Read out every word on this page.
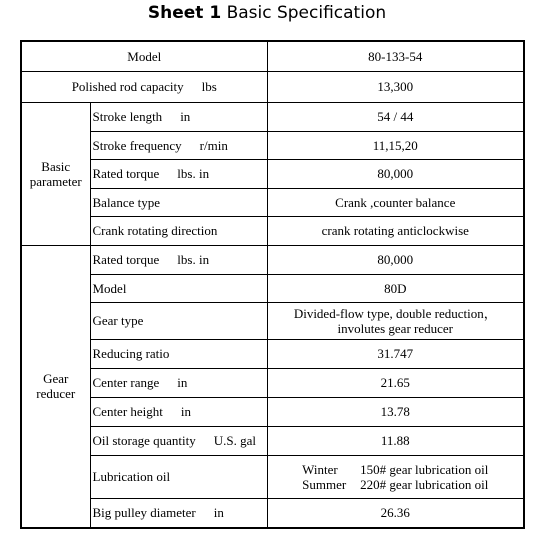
Sheet 1 Basic Specification
Model		80-133-54
Polished rod capacity lbs		13,300
Basic
parameter	Stroke length in	54 / 44
	Stroke frequency r/min	11,15,20
	Rated torque lbs. in	80,000
	Balance type	Crank ,counter balance
	Crank rotating direction	crank rotating anticlockwise
Gear
reducer	Rated torque lbs. in	80,000
	Model	80D
	Gear type	Divided-flow type, double reduction，
involutes gear reducer
	Reducing ratio	31.747
	Center range in	21.65
	Center height in	13.78
	Oil storage quantity U.S. gal	11.88
	Lubrication oil	Winter 150# gear lubrication oil
Summer 220# gear lubrication oil

	Big pulley diameter in	26.36
